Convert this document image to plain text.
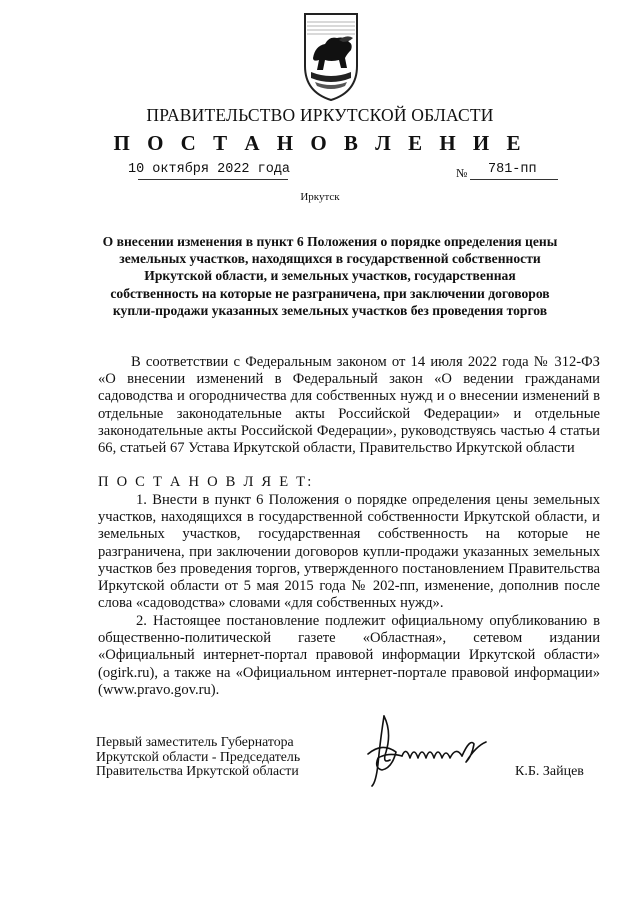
ПРАВИТЕЛЬСТВО ИРКУТСКОЙ ОБЛАСТИ
П О С Т А Н О В Л Е Н И Е
10 октября 2022 года	№ 781-пп
Иркутск
О внесении изменения в пункт 6 Положения о порядке определения цены земельных участков, находящихся в государственной собственности Иркутской области, и земельных участков, государственная собственность на которые не разграничена, при заключении договоров купли-продажи указанных земельных участков без проведения торгов
В соответствии с Федеральным законом от 14 июля 2022 года № 312-ФЗ «О внесении изменений в Федеральный закон «О ведении гражданами садоводства и огородничества для собственных нужд и о внесении изменений в отдельные законодательные акты Российской Федерации» и отдельные законодательные акты Российской Федерации», руководствуясь частью 4 статьи 66, статьей 67 Устава Иркутской области, Правительство Иркутской области
П О С Т А Н О В Л Я Е Т:
1. Внести в пункт 6 Положения о порядке определения цены земельных участков, находящихся в государственной собственности Иркутской области, и земельных участков, государственная собственность на которые не разграничена, при заключении договоров купли-продажи указанных земельных участков без проведения торгов, утвержденного постановлением Правительства Иркутской области от 5 мая 2015 года № 202-пп, изменение, дополнив после слова «садоводства» словами «для собственных нужд».
2. Настоящее постановление подлежит официальному опубликованию в общественно-политической газете «Областная», сетевом издании «Официальный интернет-портал правовой информации Иркутской области» (ogirk.ru), а также на «Официальном интернет-портале правовой информации» (www.pravo.gov.ru).
Первый заместитель Губернатора
Иркутской области - Председатель
Правительства Иркутской области	К.Б. Зайцев
